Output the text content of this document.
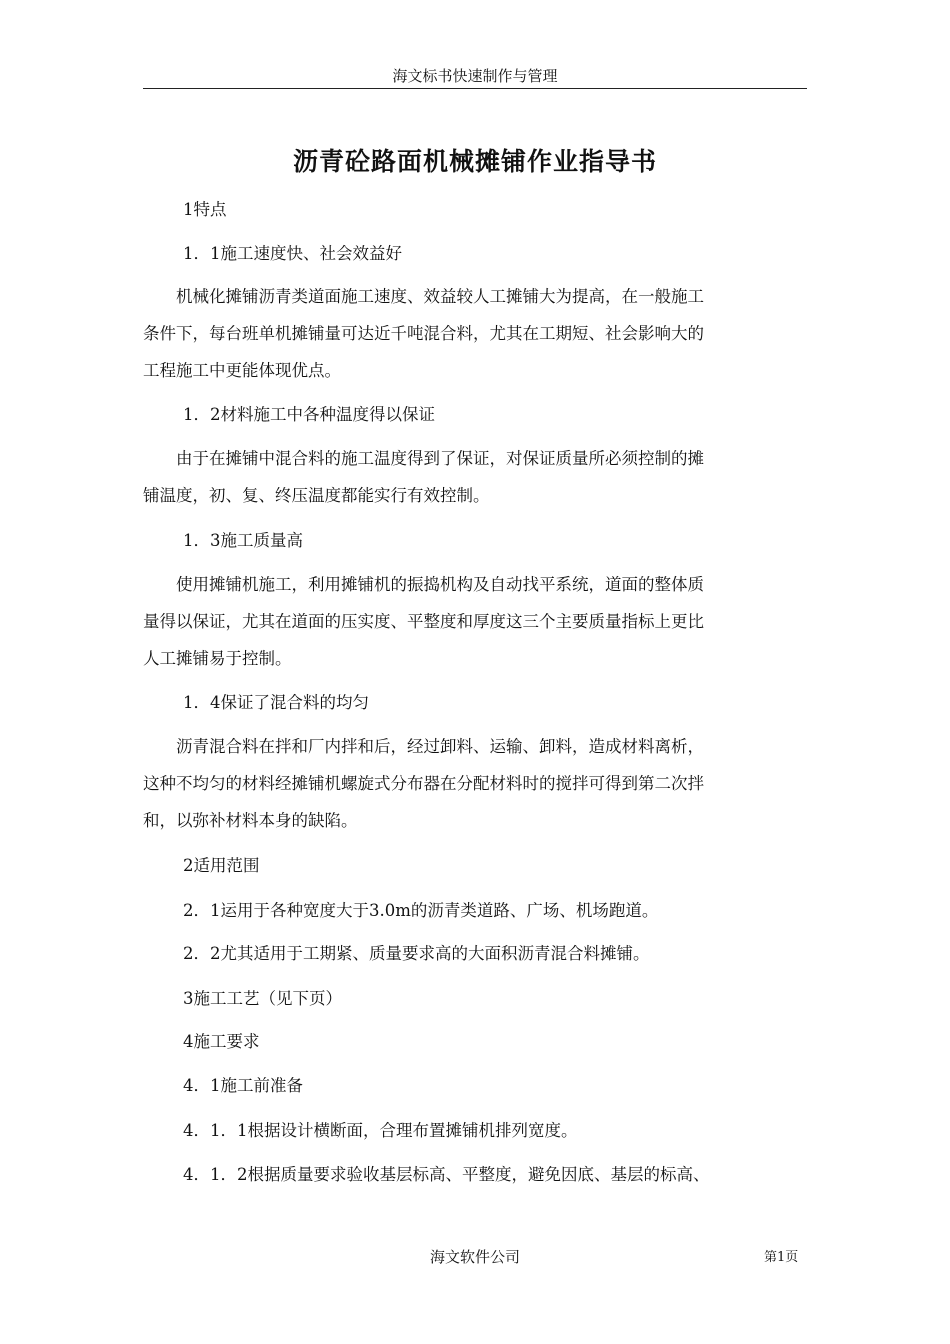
海文标书快速制作与管理
沥青砼路面机械摊铺作业指导书
1特点
1．1施工速度快、社会效益好
　　机械化摊铺沥青类道面施工速度、效益较人工摊铺大为提高，在一般施工
条件下，每台班单机摊铺量可达近千吨混合料，尤其在工期短、社会影响大的
工程施工中更能体现优点。
1．2材料施工中各种温度得以保证
　　由于在摊铺中混合料的施工温度得到了保证，对保证质量所必须控制的摊
铺温度，初、复、终压温度都能实行有效控制。
1．3施工质量高
　　使用摊铺机施工，利用摊铺机的振捣机构及自动找平系统，道面的整体质
量得以保证，尤其在道面的压实度、平整度和厚度这三个主要质量指标上更比
人工摊铺易于控制。
1．4保证了混合料的均匀
　　沥青混合料在拌和厂内拌和后，经过卸料、运输、卸料，造成材料离析，
这种不均匀的材料经摊铺机螺旋式分布器在分配材料时的搅拌可得到第二次拌
和，以弥补材料本身的缺陷。
2适用范围
2．1运用于各种宽度大于3.0m的沥青类道路、广场、机场跑道。
2．2尤其适用于工期紧、质量要求高的大面积沥青混合料摊铺。
3施工工艺（见下页）
4施工要求
4．1施工前准备
4．1．1根据设计横断面，合理布置摊铺机排列宽度。
4．1．2根据质量要求验收基层标高、平整度，避免因底、基层的标高、
海文软件公司	第1页
